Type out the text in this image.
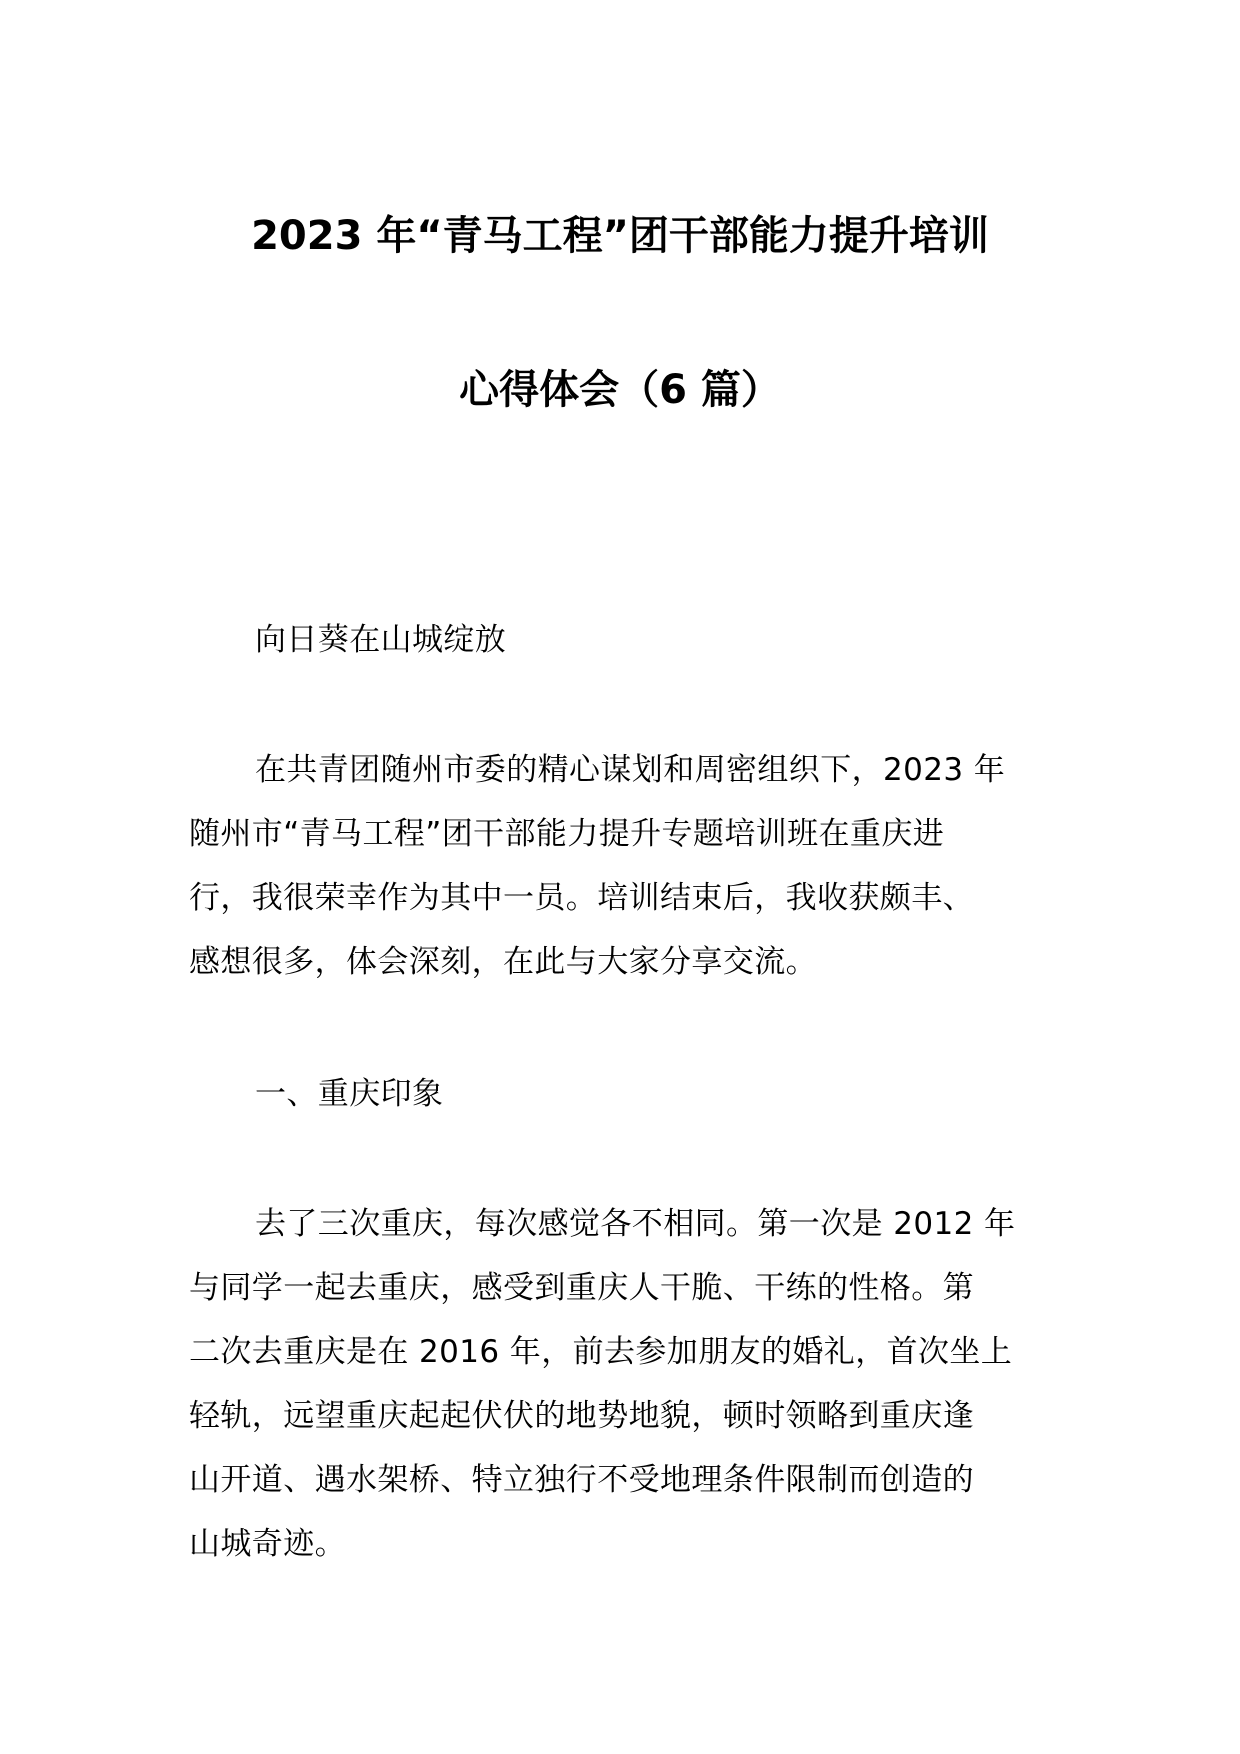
2023 年“青马工程”团干部能力提升培训
心得体会（6 篇）
向日葵在山城绽放
在共青团随州市委的精心谋划和周密组织下，2023 年
随州市“青马工程”团干部能力提升专题培训班在重庆进
行，我很荣幸作为其中一员。培训结束后，我收获颇丰、
感想很多，体会深刻，在此与大家分享交流。
一、重庆印象
去了三次重庆，每次感觉各不相同。第一次是 2012 年
与同学一起去重庆，感受到重庆人干脆、干练的性格。第
二次去重庆是在 2016 年，前去参加朋友的婚礼，首次坐上
轻轨，远望重庆起起伏伏的地势地貌，顿时领略到重庆逢
山开道、遇水架桥、特立独行不受地理条件限制而创造的
山城奇迹。
